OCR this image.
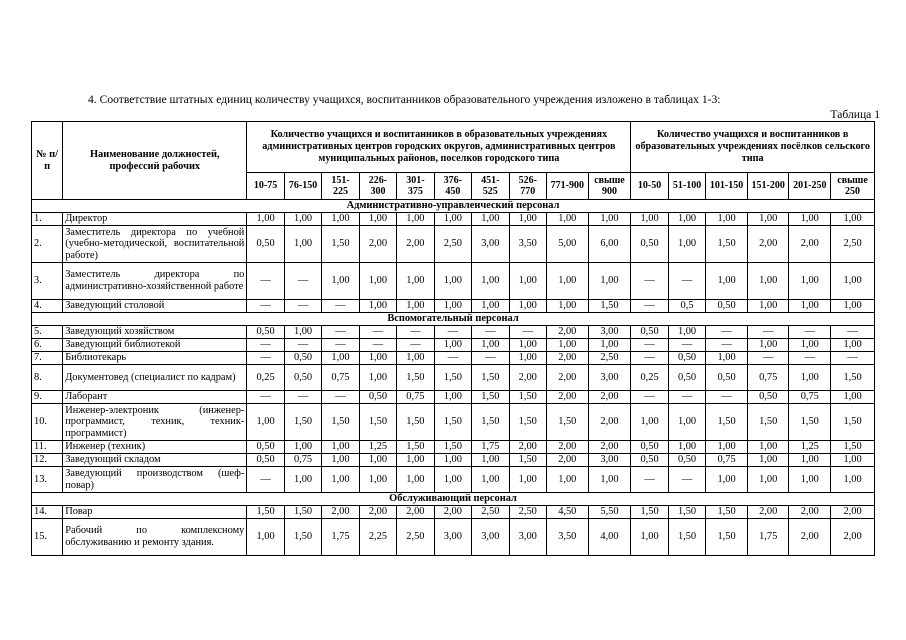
4. Соответствие штатных единиц количеству учащихся, воспитанников образовательного учреждения изложено в таблицах 1-3:
Таблица 1
№ п/п	Наименование должностей, профессий рабочих	Количество учащихся и воспитанников в образовательных учреждениях административных центров городских округов, административных центров муниципальных районов, поселков городского типа										Количество учащихся и воспитанников в образовательных учреждениях посёлков сельского типа					
		10-75	76-150	151-225	226-300	301-375	376-450	451-525	526-770	771-900	свыше 900	10-50	51-100	101-150	151-200	201-250	свыше 250
Административно-управленческий персонал																	
1.	Директор	1,00	1,00	1,00	1,00	1,00	1,00	1,00	1,00	1,00	1,00	1,00	1,00	1,00	1,00	1,00	1,00
2.	Заместитель директора по учебной (учебно-методической, воспитательной работе)	0,50	1,00	1,50	2,00	2,00	2,50	3,00	3,50	5,00	6,00	0,50	1,00	1,50	2,00	2,00	2,50
3.	Заместитель директора по административно-хозяйственной работе	—	—	1,00	1,00	1,00	1,00	1,00	1,00	1,00	1,00	—	—	1,00	1,00	1,00	1,00
4.	Заведующий столовой	—	—	—	1,00	1,00	1,00	1,00	1,00	1,00	1,50	—	0,5	0,50	1,00	1,00	1,00
Вспомогательный персонал																	
5.	Заведующий хозяйством	0,50	1,00	—	—	—	—	—	—	2,00	3,00	0,50	1,00	—	—	—	—
6.	Заведующий библиотекой	—	—	—	—	—	1,00	1,00	1,00	1,00	1,00	—	—	—	1,00	1,00	1,00
7.	Библиотекарь	—	0,50	1,00	1,00	1,00	—	—	1,00	2,00	2,50	—	0,50	1,00	—	—	—
8.	Документовед (специалист по кадрам)	0,25	0,50	0,75	1,00	1,50	1,50	1,50	2,00	2,00	3,00	0,25	0,50	0,50	0,75	1,00	1,50
9.	Лаборант	—	—	—	0,50	0,75	1,00	1,50	1,50	2,00	2,00	—	—	—	0,50	0,75	1,00
10.	Инженер-электроник (инженер-программист, техник, техник-программист)	1,00	1,50	1,50	1,50	1,50	1,50	1,50	1,50	1,50	2,00	1,00	1,00	1,50	1,50	1,50	1,50
11.	Инженер (техник)	0,50	1,00	1,00	1,25	1,50	1,50	1,75	2,00	2,00	2,00	0,50	1,00	1,00	1,00	1,25	1,50
12.	Заведующий складом	0,50	0,75	1,00	1,00	1,00	1,00	1,00	1,50	2,00	3,00	0,50	0,50	0,75	1,00	1,00	1,00
13.	Заведующий производством (шеф-повар)	—	1,00	1,00	1,00	1,00	1,00	1,00	1,00	1,00	1,00	—	—	1,00	1,00	1,00	1,00
Обслуживающий персонал																	
14.	Повар	1,50	1,50	2,00	2,00	2,00	2,00	2,50	2,50	4,50	5,50	1,50	1,50	1,50	2,00	2,00	2,00
15.	Рабочий по комплексному обслуживанию и ремонту здания.	1,00	1,50	1,75	2,25	2,50	3,00	3,00	3,00	3,50	4,00	1,00	1,50	1,50	1,75	2,00	2,00
